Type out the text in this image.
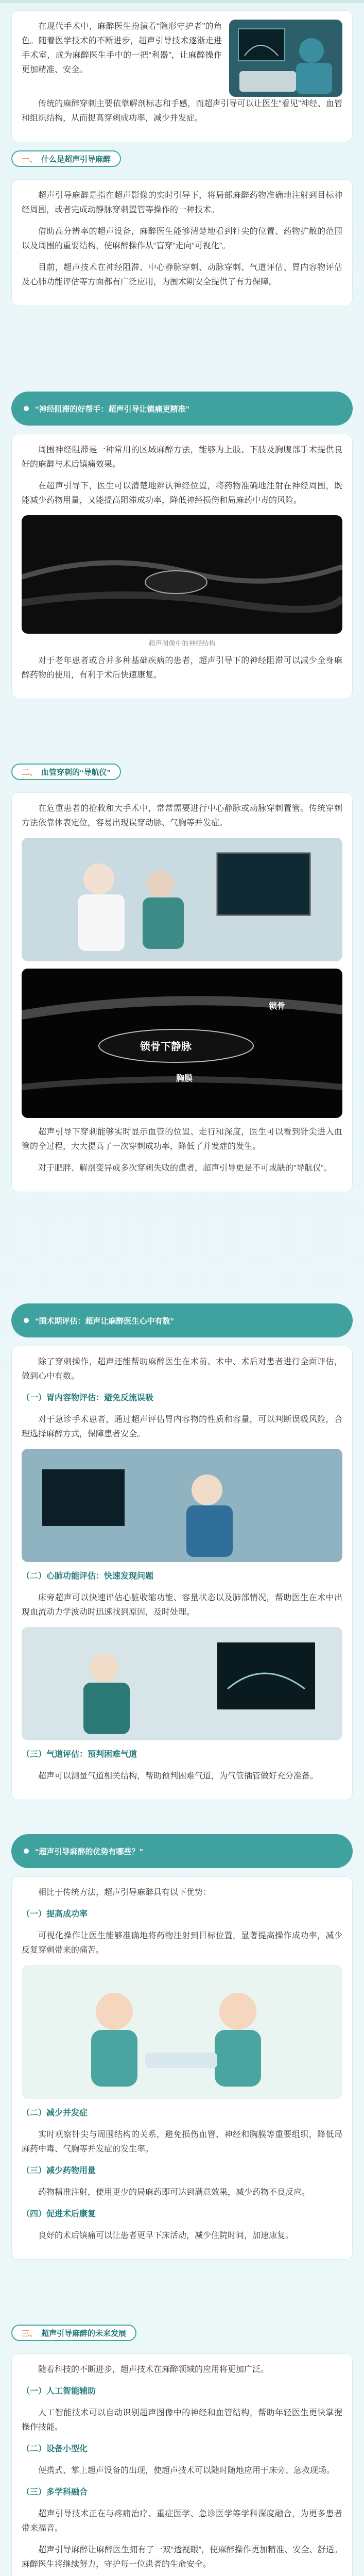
在现代手术中，麻醉医生扮演着“隐形守护者”的角色。随着医学技术的不断进步，超声引导技术逐渐走进手术室，成为麻醉医生手中的一把“利器”，让麻醉操作更加精准、安全。

传统的麻醉穿刺主要依靠解剖标志和手感，而超声引导可以让医生“看见”神经、血管和组织结构，从而提高穿刺成功率，减少并发症。

一、 什么是超声引导麻醉

超声引导麻醉是指在超声影像的实时引导下，将局部麻醉药物准确地注射到目标神经周围，或者完成动静脉穿刺置管等操作的一种技术。

借助高分辨率的超声设备，麻醉医生能够清楚地看到针尖的位置、药物扩散的范围以及周围的重要结构，使麻醉操作从“盲穿”走向“可视化”。

目前，超声技术在神经阻滞、中心静脉穿刺、动脉穿刺、气道评估、胃内容物评估及心肺功能评估等方面都有广泛应用，为围术期安全提供了有力保障。

“神经阻滞的好帮手：超声引导让镇痛更精准”

周围神经阻滞是一种常用的区域麻醉方法，能够为上肢、下肢及胸腹部手术提供良好的麻醉与术后镇痛效果。

在超声引导下，医生可以清楚地辨认神经位置，将药物准确地注射在神经周围，既能减少药物用量，又能提高阻滞成功率，降低神经损伤和局麻药中毒的风险。

超声图像中的神经结构

对于老年患者或合并多种基础疾病的患者，超声引导下的神经阻滞可以减少全身麻醉药物的使用，有利于术后快速康复。

二、 血管穿刺的“导航仪”

在危重患者的抢救和大手术中，常常需要进行中心静脉或动脉穿刺置管。传统穿刺方法依靠体表定位，容易出现误穿动脉、气胸等并发症。

锁骨下静脉
锁骨
胸膜

超声引导下穿刺能够实时显示血管的位置、走行和深度，医生可以看到针尖进入血管的全过程，大大提高了一次穿刺成功率，降低了并发症的发生。

对于肥胖、解剖变异或多次穿刺失败的患者，超声引导更是不可或缺的“导航仪”。

“围术期评估：超声让麻醉医生心中有数”

除了穿刺操作，超声还能帮助麻醉医生在术前、术中、术后对患者进行全面评估，做到心中有数。

（一）胃内容物评估：避免反流误吸

对于急诊手术患者，通过超声评估胃内容物的性质和容量，可以判断误吸风险，合理选择麻醉方式，保障患者安全。

（二）心肺功能评估：快速发现问题

床旁超声可以快速评估心脏收缩功能、容量状态以及肺部情况，帮助医生在术中出现血流动力学波动时迅速找到原因，及时处理。

（三）气道评估：预判困难气道

超声可以测量气道相关结构，帮助预判困难气道，为气管插管做好充分准备。

“超声引导麻醉的优势有哪些？”

相比于传统方法，超声引导麻醉具有以下优势：

（一）提高成功率

可视化操作让医生能够准确地将药物注射到目标位置，显著提高操作成功率，减少反复穿刺带来的痛苦。

（二）减少并发症

实时观察针尖与周围结构的关系，避免损伤血管、神经和胸膜等重要组织，降低局麻药中毒、气胸等并发症的发生率。

（三）减少药物用量

药物精准注射，使用更少的局麻药即可达到满意效果，减少药物不良反应。

（四）促进术后康复

良好的术后镇痛可以让患者更早下床活动，减少住院时间，加速康复。

三、 超声引导麻醉的未来发展

随着科技的不断进步，超声技术在麻醉领域的应用将更加广泛。

（一）人工智能辅助

人工智能技术可以自动识别超声图像中的神经和血管结构，帮助年轻医生更快掌握操作技能。

（二）设备小型化

便携式、掌上超声设备的出现，使超声技术可以随时随地应用于床旁、急救现场。

（三）多学科融合

超声引导技术正在与疼痛治疗、重症医学、急诊医学等学科深度融合，为更多患者带来福音。

超声引导麻醉让麻醉医生拥有了一双“透视眼”，使麻醉操作更加精准、安全、舒适。麻醉医生将继续努力，守护每一位患者的生命安全。
